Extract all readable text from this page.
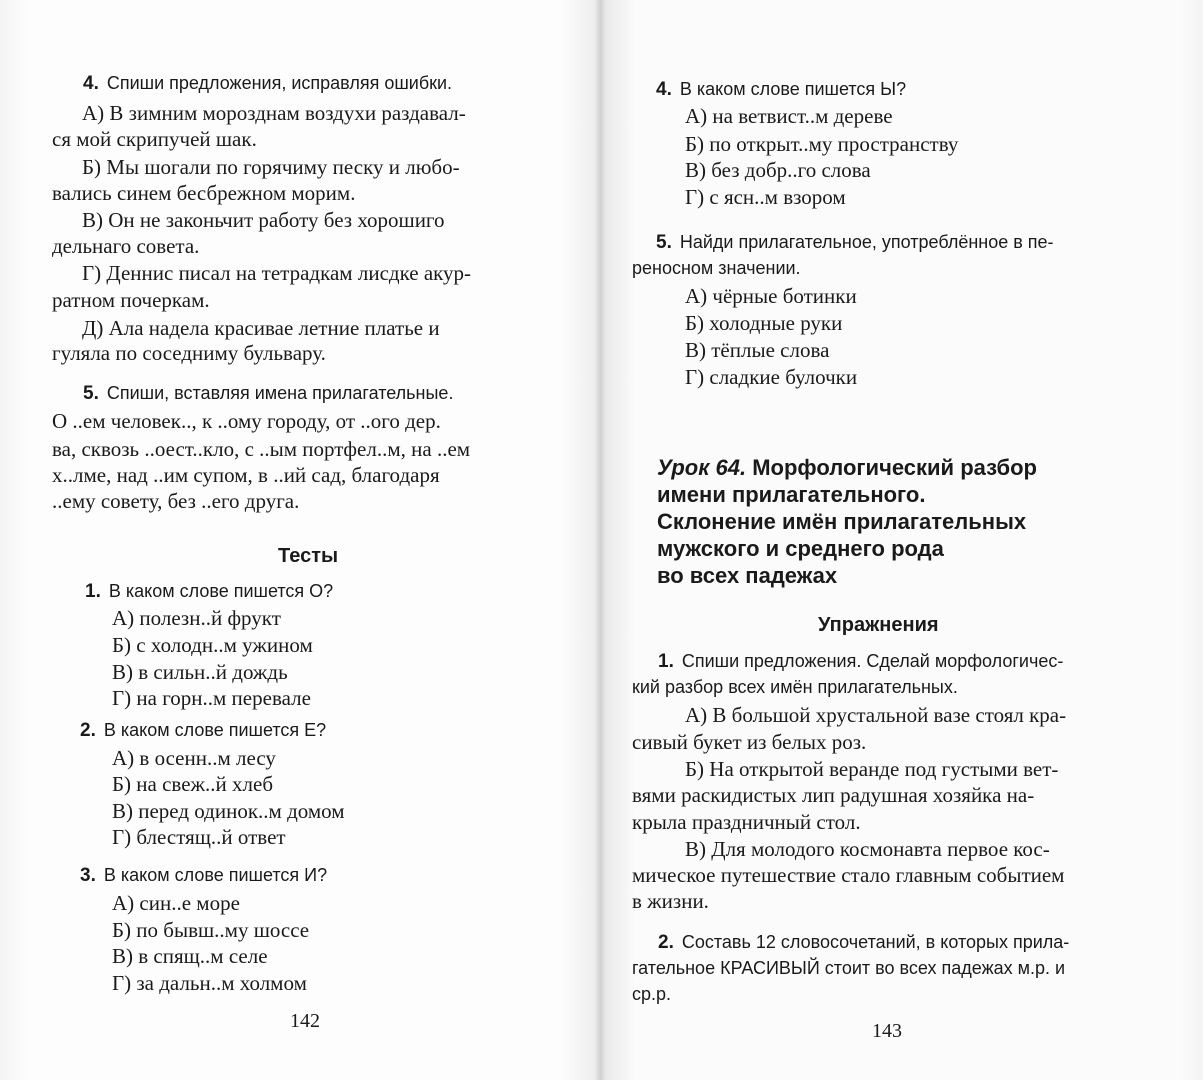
4. Спиши предложения, исправляя ошибки.
А) В зимним морозднам воздухи раздавал-
ся мой скрипучей шак.
Б) Мы шогали по горячиму песку и любо-
вались синем бесбрежном морим.
В) Он не законьчит работу без хорошиго
дельнаго совета.
Г) Деннис писал на тетрадкам лисдке акур-
ратном почеркам.
Д) Ала надела красивае летние платье и
гуляла по соседниму бульвару.
5. Спиши, вставляя имена прилагательные.
О ..ем человек.., к ..ому городу, от ..ого дер.
ва, сквозь ..оест..кло, с ..ым портфел..м, на ..ем
х..лме, над ..им супом, в ..ий сад, благодаря
..ему совету, без ..его друга.
Тесты
1. В каком слове пишется О?
А) полезн..й фрукт
Б) с холодн..м ужином
В) в сильн..й дождь
Г) на горн..м перевале
2. В каком слове пишется Е?
А) в осенн..м лесу
Б) на свеж..й хлеб
В) перед одинок..м домом
Г) блестящ..й ответ
3. В каком слове пишется И?
А) син..е море
Б) по бывш..му шоссе
В) в спящ..м селе
Г) за дальн..м холмом
142
4. В каком слове пишется Ы?
А) на ветвист..м дереве
Б) по открыт..му пространству
В) без добр..го слова
Г) с ясн..м взором
5. Найди прилагательное, употреблённое в пе-
реносном значении.
А) чёрные ботинки
Б) холодные руки
В) тёплые слова
Г) сладкие булочки
Урок 64. Морфологический разбор
имени прилагательного.
Склонение имён прилагательных
мужского и среднего рода
во всех падежах
Упражнения
1. Спиши предложения. Сделай морфологичес-
кий разбор всех имён прилагательных.
А) В большой хрустальной вазе стоял кра-
сивый букет из белых роз.
Б) На открытой веранде под густыми вет-
вями раскидистых лип радушная хозяйка на-
крыла праздничный стол.
В) Для молодого космонавта первое кос-
мическое путешествие стало главным событием
в жизни.
2. Составь 12 словосочетаний, в которых прила-
гательное КРАСИВЫЙ стоит во всех падежах м.р. и
ср.р.
143
